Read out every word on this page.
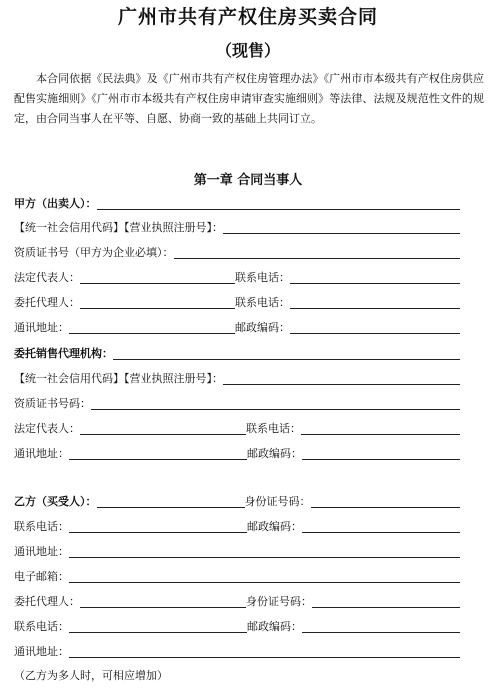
广州市共有产权住房买卖合同
（现售）
本合同依据《民法典》及《广州市共有产权住房管理办法》《广州市市本级共有产权住房供应配售实施细则》《广州市市本级共有产权住房申请审查实施细则》等法律、法规及规范性文件的规定，由合同当事人在平等、自愿、协商一致的基础上共同订立。
第一章 合同当事人
甲方（出卖人）：
【统一社会信用代码】【营业执照注册号】：
资质证书号（甲方为企业必填）：
法定代表人：	联系电话：
委托代理人：	联系电话：
通讯地址：	邮政编码：
委托销售代理机构：
【统一社会信用代码】【营业执照注册号】：
资质证书号码：
法定代表人：	联系电话：
通讯地址：	邮政编码：
乙方（买受人）：	身份证号码：
联系电话：	邮政编码：
通讯地址：
电子邮箱：
委托代理人：	身份证号码：
联系电话：	邮政编码：
通讯地址：
（乙方为多人时，可相应增加）
